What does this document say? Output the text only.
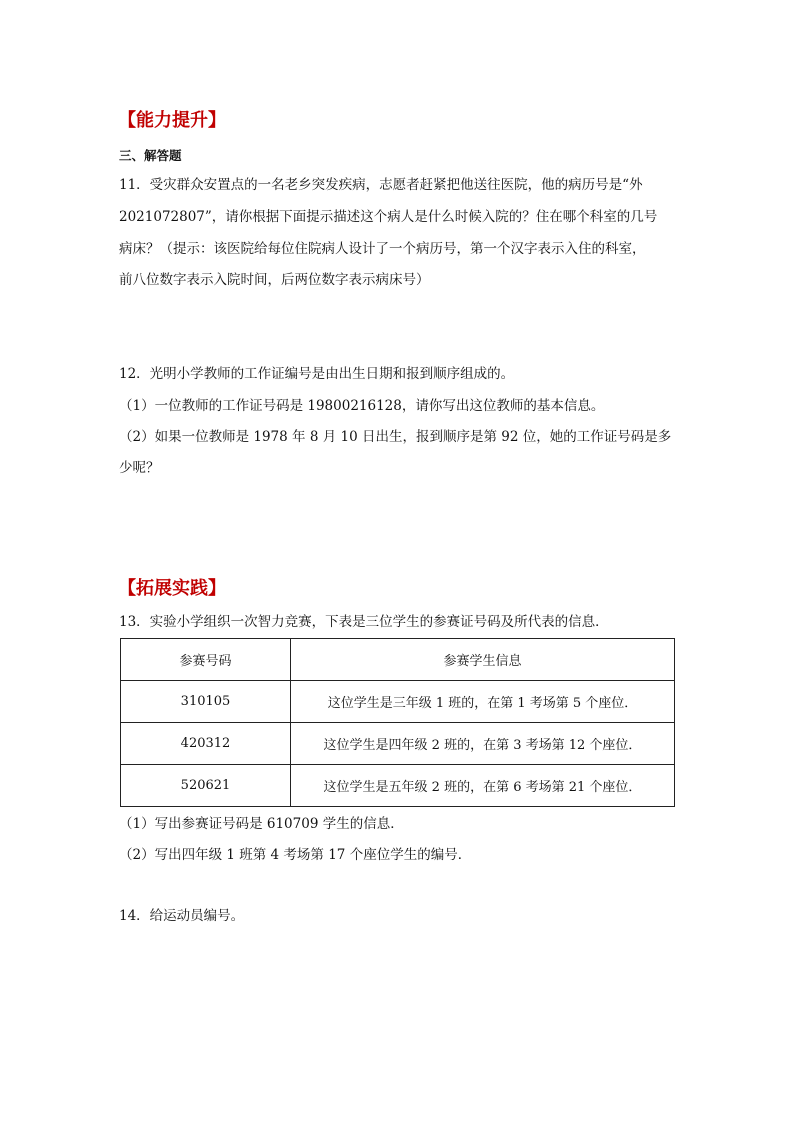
【能力提升】
三、解答题
11．受灾群众安置点的一名老乡突发疾病，志愿者赶紧把他送往医院，他的病历号是“外
2021072807”，请你根据下面提示描述这个病人是什么时候入院的？住在哪个科室的几号
病床？（提示：该医院给每位住院病人设计了一个病历号，第一个汉字表示入住的科室，
前八位数字表示入院时间，后两位数字表示病床号）
12．光明小学教师的工作证编号是由出生日期和报到顺序组成的。
（1）一位教师的工作证号码是 19800216128，请你写出这位教师的基本信息。
（2）如果一位教师是 1978 年 8 月 10 日出生，报到顺序是第 92 位，她的工作证号码是多
少呢？
【拓展实践】
13．实验小学组织一次智力竞赛，下表是三位学生的参赛证号码及所代表的信息．
参赛号码	参赛学生信息
310105	这位学生是三年级 1 班的，在第 1 考场第 5 个座位．
420312	这位学生是四年级 2 班的，在第 3 考场第 12 个座位．
520621	这位学生是五年级 2 班的，在第 6 考场第 21 个座位．
（1）写出参赛证号码是 610709 学生的信息．
（2）写出四年级 1 班第 4 考场第 17 个座位学生的编号．
14．给运动员编号。
